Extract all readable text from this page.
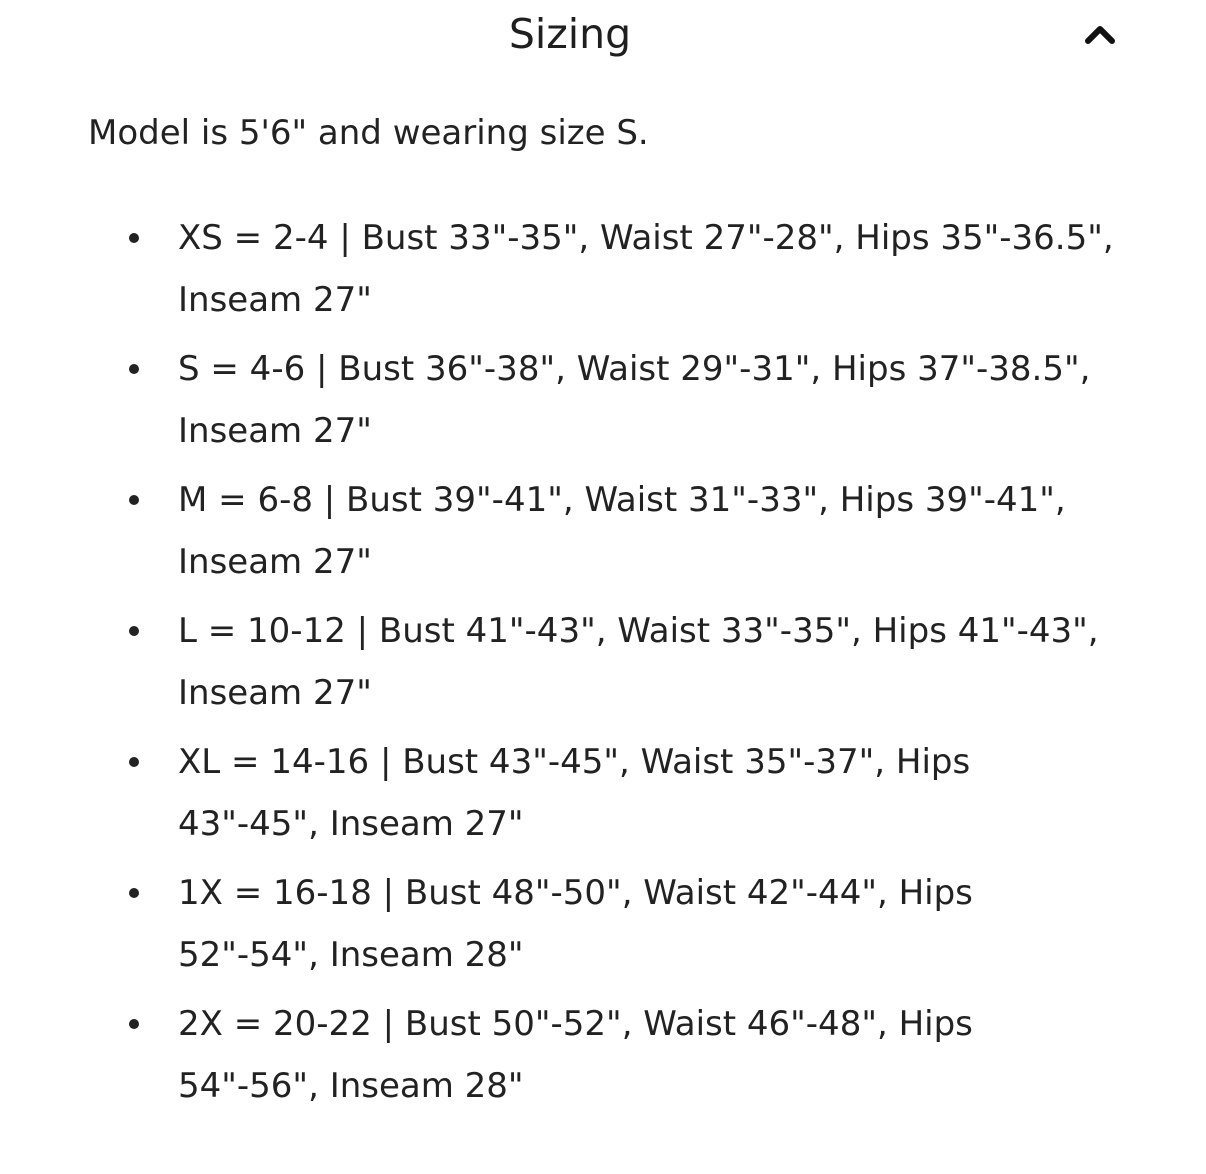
Sizing

Model is 5'6" and wearing size S.

XS = 2-4 | Bust 33"-35", Waist 27"-28", Hips 35"-36.5", Inseam 27"
S = 4-6 | Bust 36"-38", Waist 29"-31", Hips 37"-38.5", Inseam 27"
M = 6-8 | Bust 39"-41", Waist 31"-33", Hips 39"-41", Inseam 27"
L = 10-12 | Bust 41"-43", Waist 33"-35", Hips 41"-43", Inseam 27"
XL = 14-16 | Bust 43"-45", Waist 35"-37", Hips 43"-45", Inseam 27"
1X = 16-18 | Bust 48"-50", Waist 42"-44", Hips 52"-54", Inseam 28"
2X = 20-22 | Bust 50"-52", Waist 46"-48", Hips 54"-56", Inseam 28"
